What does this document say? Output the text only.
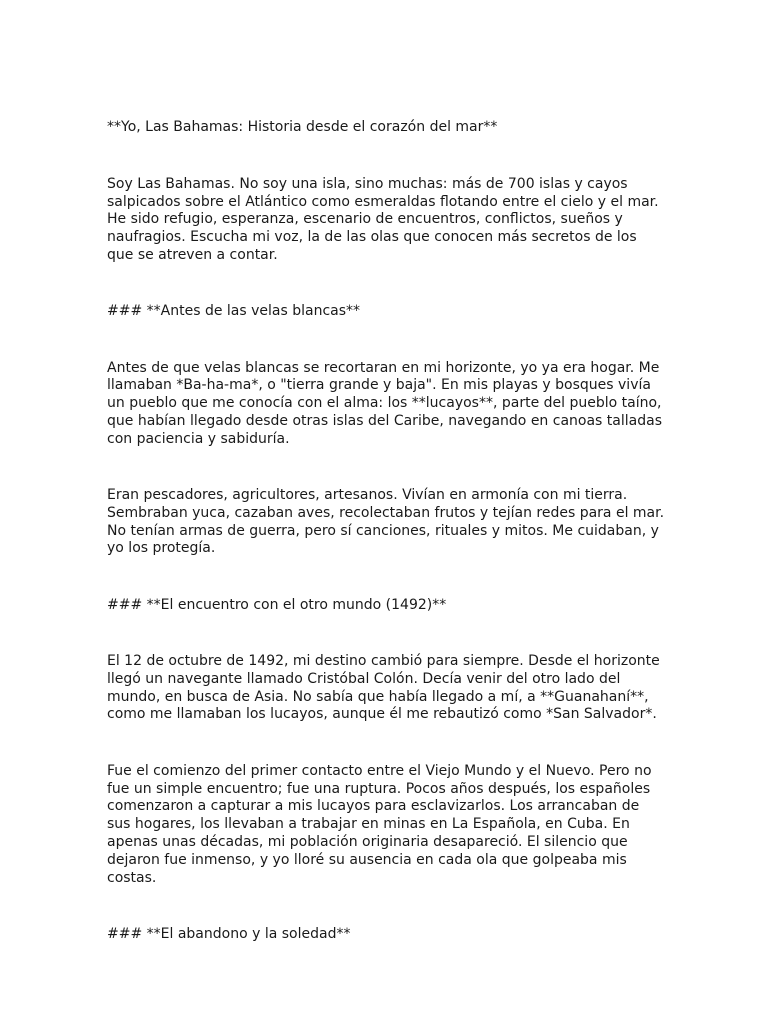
**Yo, Las Bahamas: Historia desde el corazón del mar**

Soy Las Bahamas. No soy una isla, sino muchas: más de 700 islas y cayos salpicados sobre el Atlántico como esmeraldas flotando entre el cielo y el mar. He sido refugio, esperanza, escenario de encuentros, conflictos, sueños y naufragios. Escucha mi voz, la de las olas que conocen más secretos de los que se atreven a contar.

### **Antes de las velas blancas**

Antes de que velas blancas se recortaran en mi horizonte, yo ya era hogar. Me llamaban *Ba-ha-ma*, o "tierra grande y baja". En mis playas y bosques vivía un pueblo que me conocía con el alma: los **lucayos**, parte del pueblo taíno, que habían llegado desde otras islas del Caribe, navegando en canoas talladas con paciencia y sabiduría.

Eran pescadores, agricultores, artesanos. Vivían en armonía con mi tierra. Sembraban yuca, cazaban aves, recolectaban frutos y tejían redes para el mar. No tenían armas de guerra, pero sí canciones, rituales y mitos. Me cuidaban, y yo los protegía.

### **El encuentro con el otro mundo (1492)**

El 12 de octubre de 1492, mi destino cambió para siempre. Desde el horizonte llegó un navegante llamado Cristóbal Colón. Decía venir del otro lado del mundo, en busca de Asia. No sabía que había llegado a mí, a **Guanahaní**, como me llamaban los lucayos, aunque él me rebautizó como *San Salvador*.

Fue el comienzo del primer contacto entre el Viejo Mundo y el Nuevo. Pero no fue un simple encuentro; fue una ruptura. Pocos años después, los españoles comenzaron a capturar a mis lucayos para esclavizarlos. Los arrancaban de sus hogares, los llevaban a trabajar en minas en La Española, en Cuba. En apenas unas décadas, mi población originaria desapareció. El silencio que dejaron fue inmenso, y yo lloré su ausencia en cada ola que golpeaba mis costas.

### **El abandono y la soledad**
